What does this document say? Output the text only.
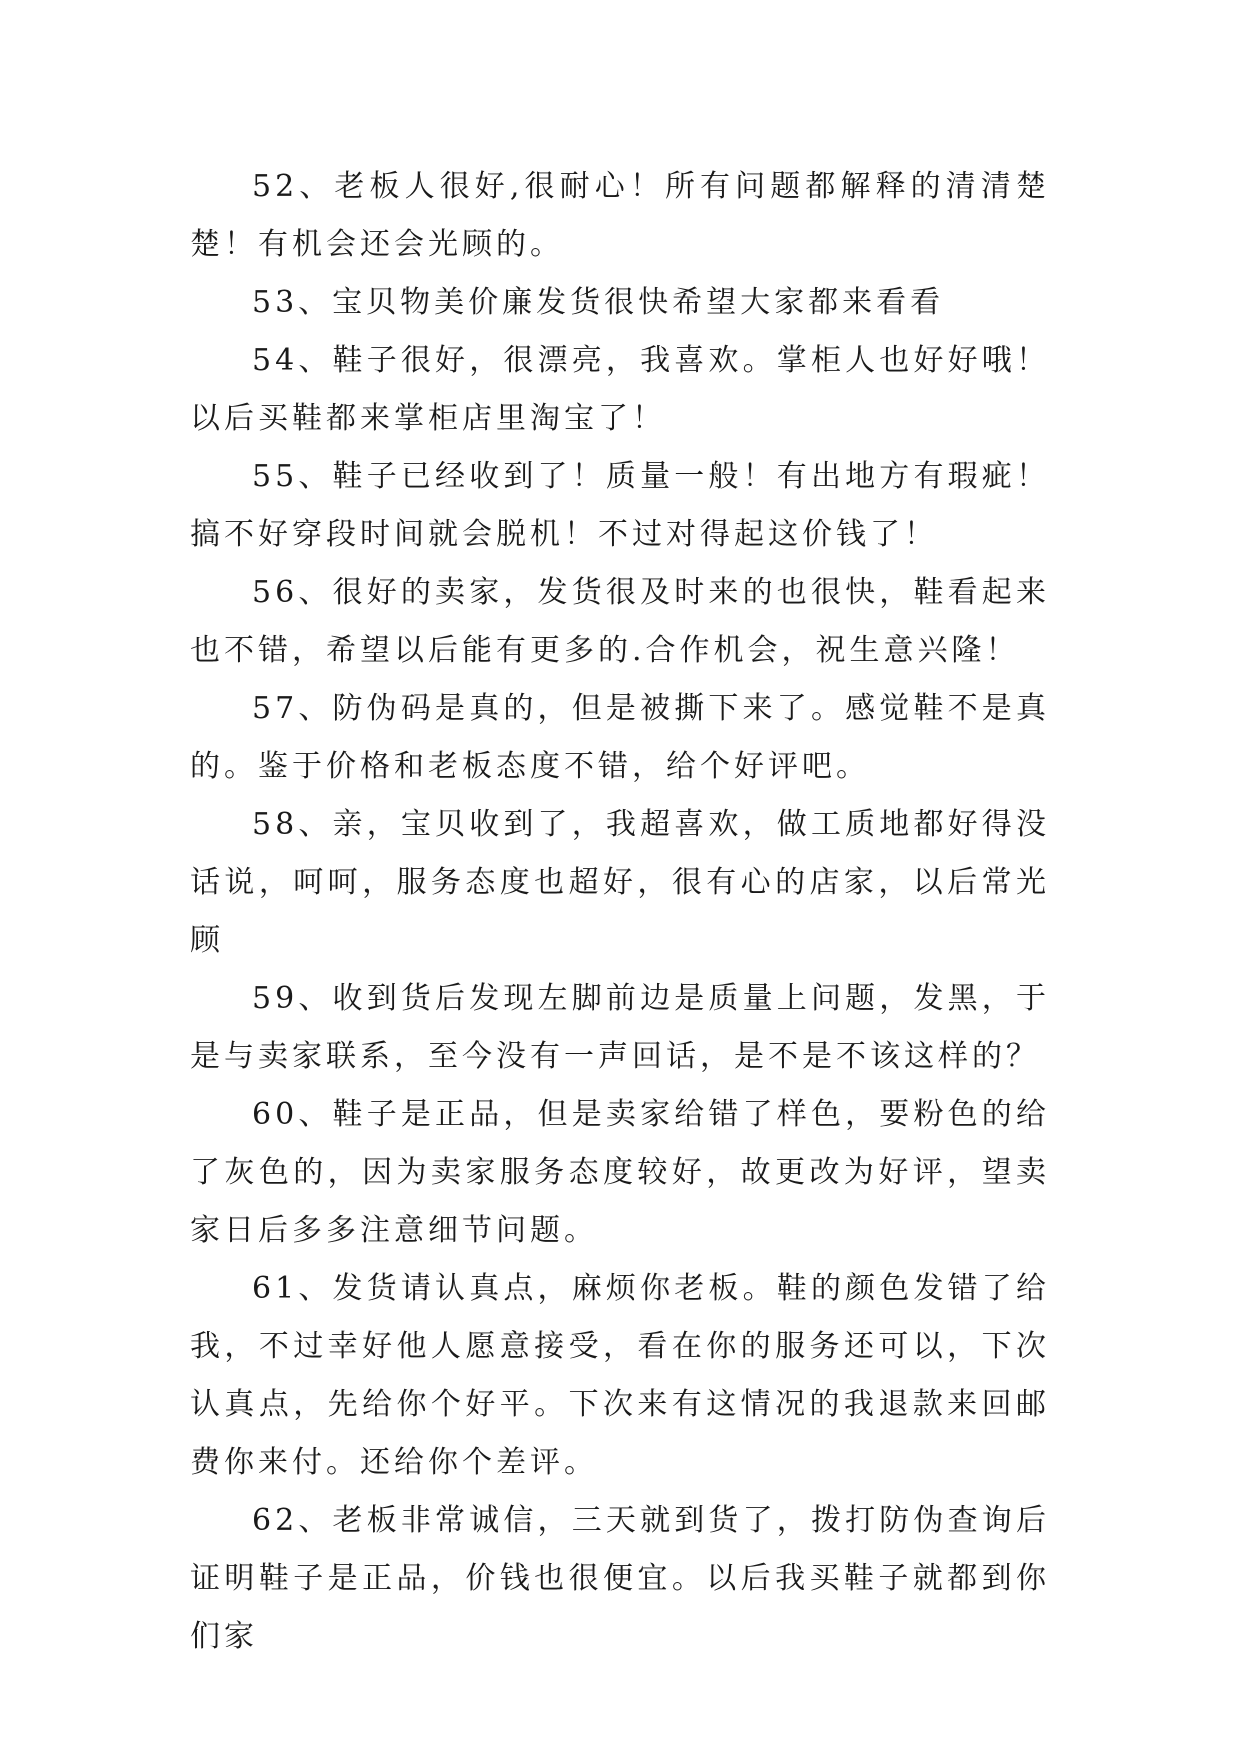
52、老板人很好,很耐心！所有问题都解释的清清楚楚！有机会还会光顾的。

53、宝贝物美价廉发货很快希望大家都来看看

54、鞋子很好，很漂亮，我喜欢。掌柜人也好好哦！以后买鞋都来掌柜店里淘宝了！

55、鞋子已经收到了！质量一般！有出地方有瑕疵！搞不好穿段时间就会脱机！不过对得起这价钱了！

56、很好的卖家，发货很及时来的也很快，鞋看起来也不错，希望以后能有更多的.合作机会，祝生意兴隆！

57、防伪码是真的，但是被撕下来了。感觉鞋不是真的。鉴于价格和老板态度不错，给个好评吧。

58、亲，宝贝收到了，我超喜欢，做工质地都好得没话说，呵呵，服务态度也超好，很有心的店家，以后常光顾

59、收到货后发现左脚前边是质量上问题，发黑，于是与卖家联系，至今没有一声回话，是不是不该这样的？

60、鞋子是正品，但是卖家给错了样色，要粉色的给了灰色的，因为卖家服务态度较好，故更改为好评，望卖家日后多多注意细节问题。

61、发货请认真点，麻烦你老板。鞋的颜色发错了给我，不过幸好他人愿意接受，看在你的服务还可以，下次认真点，先给你个好平。下次来有这情况的我退款来回邮费你来付。还给你个差评。

62、老板非常诚信，三天就到货了，拨打防伪查询后证明鞋子是正品，价钱也很便宜。以后我买鞋子就都到你们家
